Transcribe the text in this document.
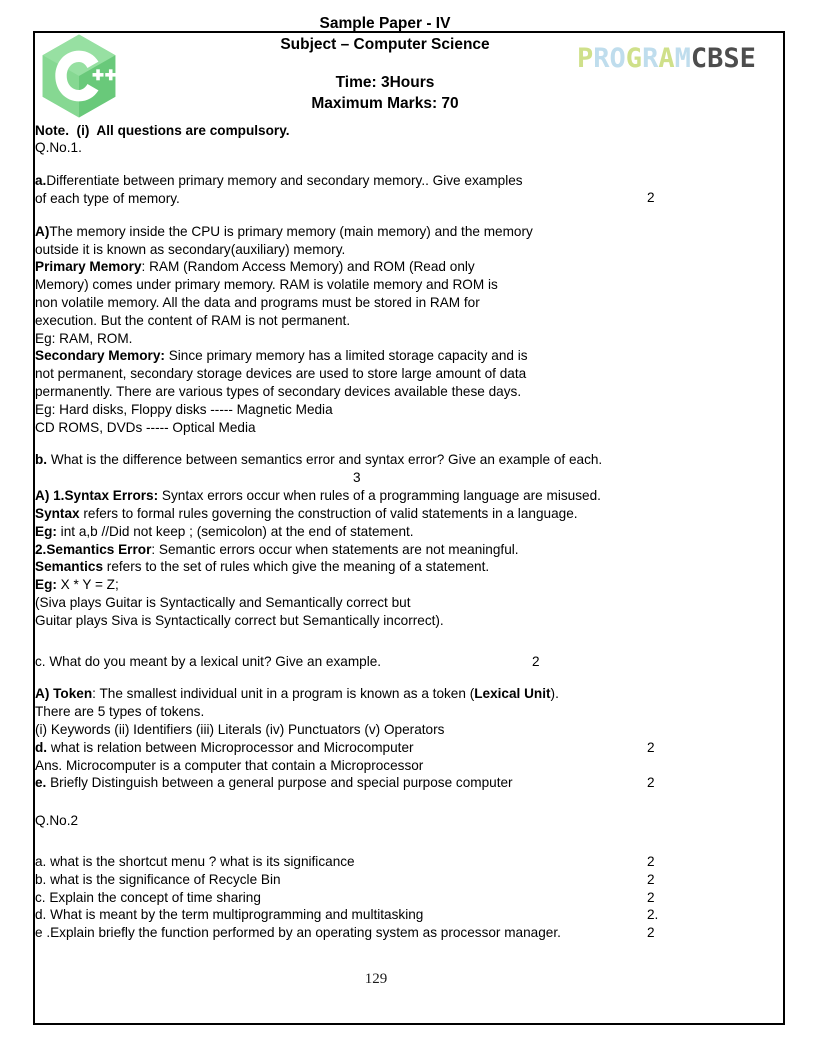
P R O G R A M CBSE
Sample Paper - IV
Subject – Computer Science
Time: 3Hours
Maximum Marks: 70
Note.  (i)  All questions are compulsory.
Q.No.1.
a.Differentiate between primary memory and secondary memory.. Give examples
of each type of memory.	2
A)The memory inside the CPU is primary memory (main memory) and the memory
outside it is known as secondary(auxiliary) memory.
Primary Memory: RAM (Random Access Memory) and ROM (Read only
Memory) comes under primary memory. RAM is volatile memory and ROM is
non volatile memory. All the data and programs must be stored in RAM for
execution. But the content of RAM is not permanent.
Eg: RAM, ROM.
Secondary Memory: Since primary memory has a limited storage capacity and is
not permanent, secondary storage devices are used to store large amount of data
permanently. There are various types of secondary devices available these days.
Eg: Hard disks, Floppy disks ----- Magnetic Media
CD ROMS, DVDs ----- Optical Media
b. What is the difference between semantics error and syntax error? Give an example of each.
3
A) 1.Syntax Errors: Syntax errors occur when rules of a programming language are misused.
Syntax refers to formal rules governing the construction of valid statements in a language.
Eg: int a,b //Did not keep ; (semicolon) at the end of statement.
2.Semantics Error: Semantic errors occur when statements are not meaningful.
Semantics refers to the set of rules which give the meaning of a statement.
Eg: X * Y = Z;
(Siva plays Guitar is Syntactically and Semantically correct but
Guitar plays Siva is Syntactically correct but Semantically incorrect).
c. What do you meant by a lexical unit? Give an example.	2
A) Token: The smallest individual unit in a program is known as a token (Lexical Unit).
There are 5 types of tokens.
(i) Keywords (ii) Identifiers (iii) Literals (iv) Punctuators (v) Operators
d. what is relation between Microprocessor and Microcomputer	2
Ans. Microcomputer is a computer that contain a Microprocessor
e. Briefly Distinguish between a general purpose and special purpose computer	2
Q.No.2
a. what is the shortcut menu ? what is its significance	2
b. what is the significance of Recycle Bin	2
c. Explain the concept of time sharing	2
d. What is meant by the term multiprogramming and multitasking	2.
e .Explain briefly the function performed by an operating system as processor manager.	2
129
